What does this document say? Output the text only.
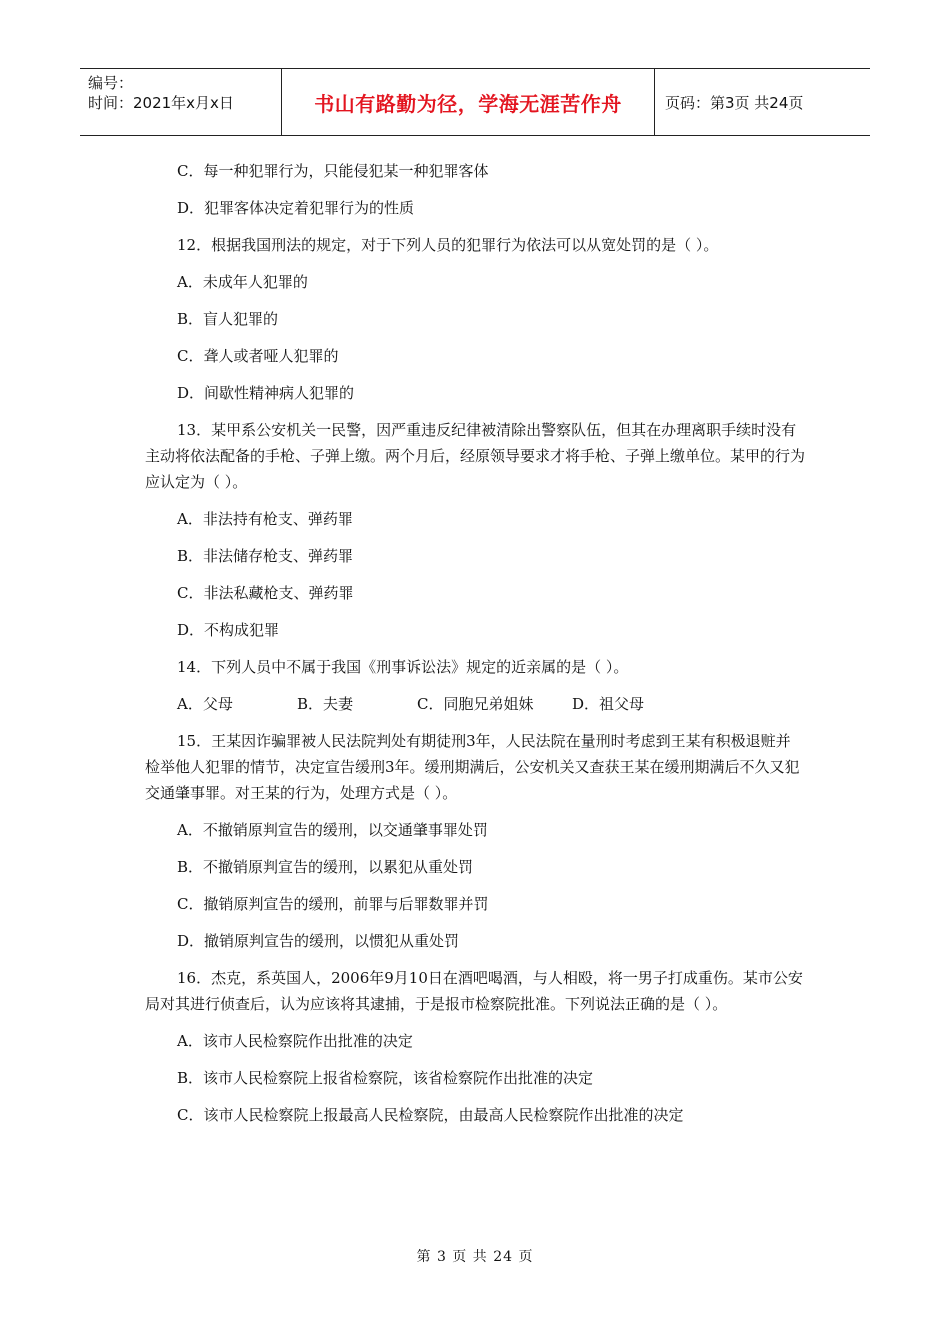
编号：
时间：2021年x月x日	书山有路勤为径，学海无涯苦作舟	页码：第3页 共24页

C．每一种犯罪行为，只能侵犯某一种犯罪客体

D．犯罪客体决定着犯罪行为的性质

12．根据我国刑法的规定，对于下列人员的犯罪行为依法可以从宽处罚的是（ ）。

A．未成年人犯罪的

B．盲人犯罪的

C．聋人或者哑人犯罪的

D．间歇性精神病人犯罪的

13．某甲系公安机关一民警，因严重违反纪律被清除出警察队伍，但其在办理离职手续时没有主动将依法配备的手枪、子弹上缴。两个月后，经原领导要求才将手枪、子弹上缴单位。某甲的行为应认定为（ ）。

A．非法持有枪支、弹药罪

B．非法储存枪支、弹药罪

C．非法私藏枪支、弹药罪

D．不构成犯罪

14．下列人员中不属于我国《刑事诉讼法》规定的近亲属的是（ ）。

A．父母	B．夫妻	C．同胞兄弟姐妹	D．祖父母

15．王某因诈骗罪被人民法院判处有期徒刑3年，人民法院在量刑时考虑到王某有积极退赃并检举他人犯罪的情节，决定宣告缓刑3年。缓刑期满后，公安机关又查获王某在缓刑期满后不久又犯交通肇事罪。对王某的行为，处理方式是（ ）。

A．不撤销原判宣告的缓刑，以交通肇事罪处罚

B．不撤销原判宣告的缓刑，以累犯从重处罚

C．撤销原判宣告的缓刑，前罪与后罪数罪并罚

D．撤销原判宣告的缓刑，以惯犯从重处罚

16．杰克，系英国人，2006年9月10日在酒吧喝酒，与人相殴，将一男子打成重伤。某市公安局对其进行侦查后，认为应该将其逮捕，于是报市检察院批准。下列说法正确的是（ ）。

A．该市人民检察院作出批准的决定

B．该市人民检察院上报省检察院，该省检察院作出批准的决定

C．该市人民检察院上报最高人民检察院，由最高人民检察院作出批准的决定

第 3 页 共 24 页
